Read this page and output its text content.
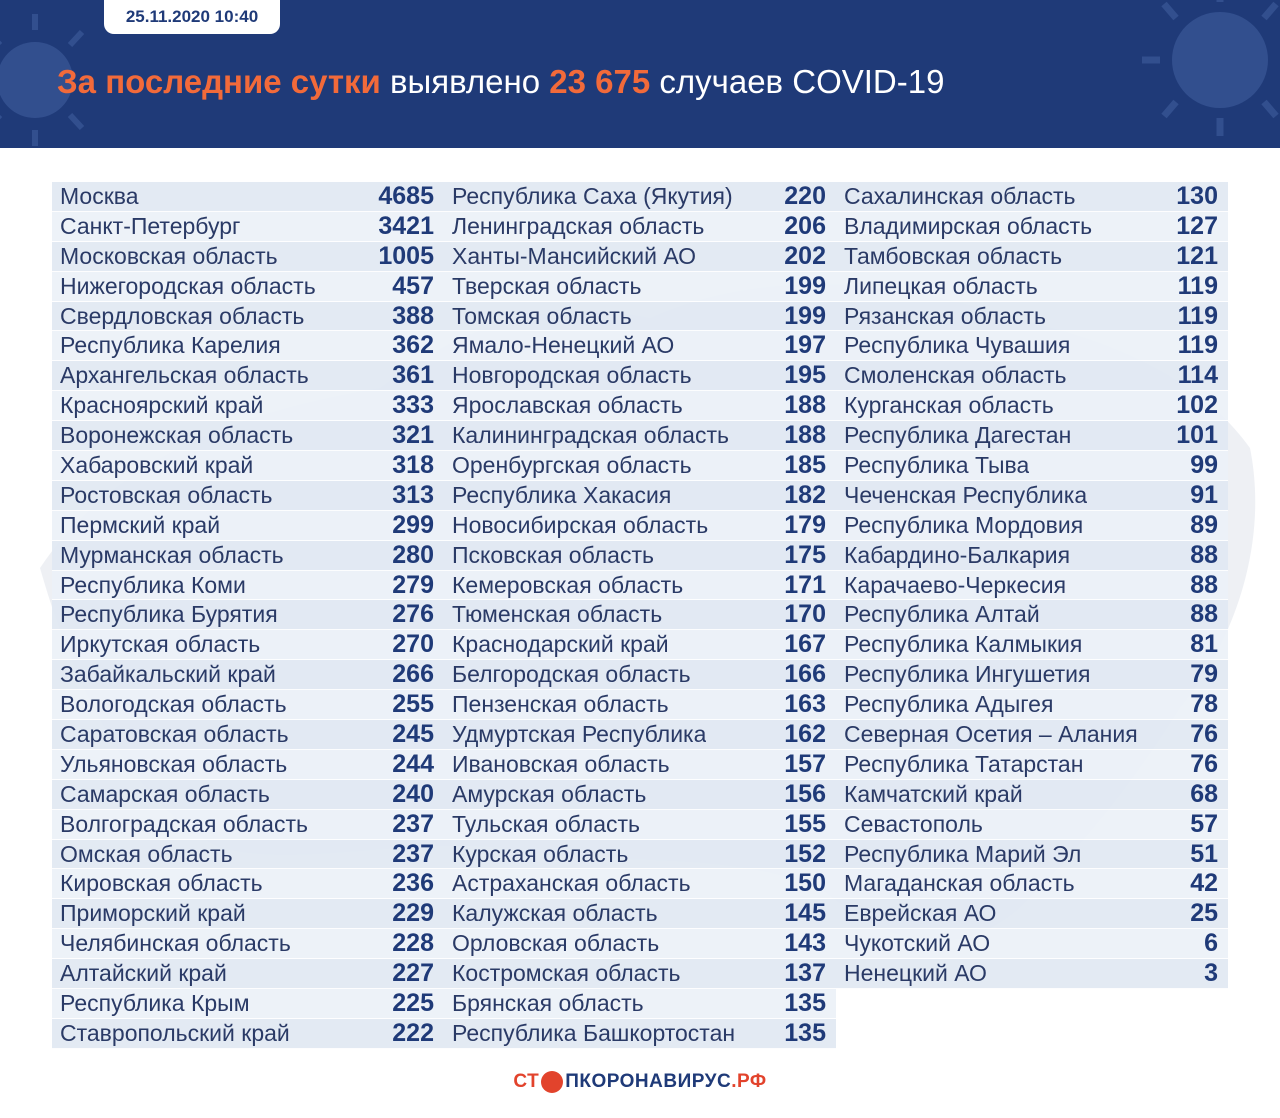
25.11.2020 10:40
За последние сутки выявлено 23 675 случаев COVID-19
Москва	4685
Санкт-Петербург	3421
Московская область	1005
Нижегородская область	457
Свердловская область	388
Республика Карелия	362
Архангельская область	361
Красноярский край	333
Воронежская область	321
Хабаровский край	318
Ростовская область	313
Пермский край	299
Мурманская область	280
Республика Коми	279
Республика Бурятия	276
Иркутская область	270
Забайкальский край	266
Вологодская область	255
Саратовская область	245
Ульяновская область	244
Самарская область	240
Волгоградская область	237
Омская область	237
Кировская область	236
Приморский край	229
Челябинская область	228
Алтайский край	227
Республика Крым	225
Ставропольский край	222
Республика Саха (Якутия) 220
Ленинградская область	206
Ханты-Мансийский АО	202
Тверская область	199
Томская область	199
Ямало-Ненецкий АО	197
Новгородская область	195
Ярославская область	188
Калининградская область 188
Оренбургская область	185
Республика Хакасия	182
Новосибирская область	179
Псковская область	175
Кемеровская область	171
Тюменская область	170
Краснодарский край	167
Белгородская область	166
Пензенская область	163
Удмуртская Республика	162
Ивановская область	157
Амурская область	156
Тульская область	155
Курская область	152
Астраханская область	150
Калужская область	145
Орловская область	143
Костромская область	137
Брянская область	135
Республика Башкортостан 135
Сахалинская область	130
Владимирская область	127
Тамбовская область	121
Липецкая область	119
Рязанская область	119
Республика Чувашия	119
Смоленская область	114
Курганская область	102
Республика Дагестан	101
Республика Тыва	99
Чеченская Республика	91
Республика Мордовия	89
Кабардино-Балкария	88
Карачаево-Черкесия	88
Республика Алтай	88
Республика Калмыкия	81
Республика Ингушетия	79
Республика Адыгея	78
Северная Осетия – Алания 76
Республика Татарстан	76
Камчатский край	68
Севастополь	57
Республика Марий Эл	51
Магаданская область	42
Еврейская АО	25
Чукотский АО	6
Ненецкий АО	3
СТ ПКОРОНАВИРУС .РФ
